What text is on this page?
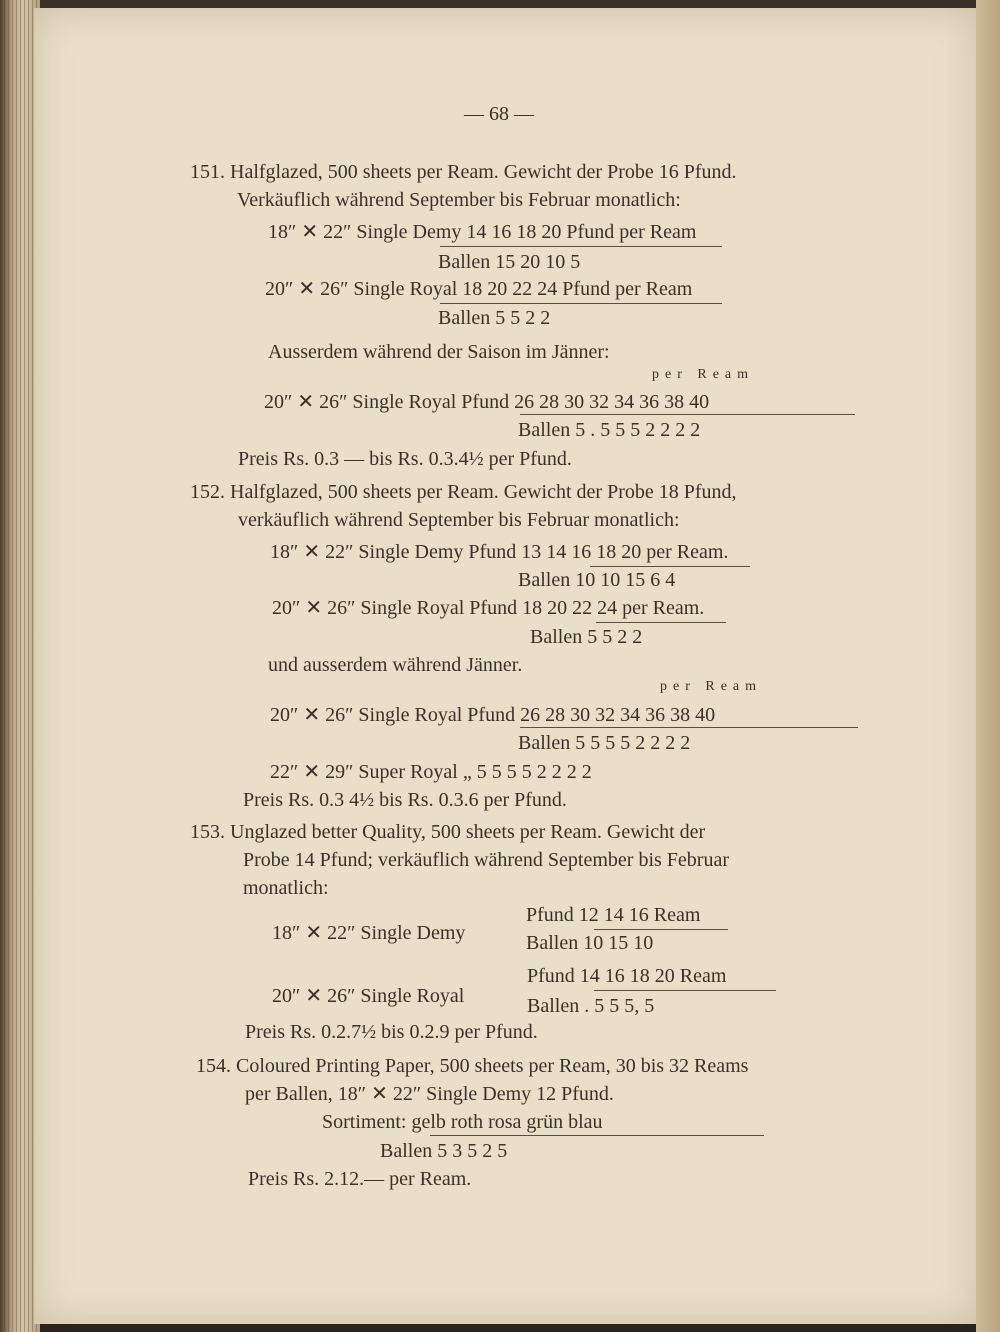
— 68 —
151. Halfglazed, 500 sheets per Ream. Gewicht der Probe 16 Pfund.
Verkäuflich während September bis Februar monatlich:
18″ ✕ 22″ Single Demy 14 16 18 20 Pfund per Ream
Ballen 15 20 10 5
20″ ✕ 26″ Single Royal 18 20 22 24 Pfund per Ream
Ballen 5 5 2 2
Ausserdem während der Saison im Jänner:
per Ream
20″ ✕ 26″ Single Royal Pfund 26 28 30 32 34 36 38 40
Ballen 5 . 5 5 5 2 2 2 2
Preis Rs. 0.3 — bis Rs. 0.3.4½ per Pfund.
152. Halfglazed, 500 sheets per Ream. Gewicht der Probe 18 Pfund,
verkäuflich während September bis Februar monatlich:
18″ ✕ 22″ Single Demy Pfund 13 14 16 18 20 per Ream.
Ballen 10 10 15 6 4
20″ ✕ 26″ Single Royal Pfund 18 20 22 24 per Ream.
Ballen 5 5 2 2
und ausserdem während Jänner.
per Ream
20″ ✕ 26″ Single Royal Pfund 26 28 30 32 34 36 38 40
Ballen 5 5 5 5 2 2 2 2
22″ ✕ 29″ Super Royal „ 5 5 5 5 2 2 2 2
Preis Rs. 0.3 4½ bis Rs. 0.3.6 per Pfund.
153. Unglazed better Quality, 500 sheets per Ream. Gewicht der
Probe 14 Pfund; verkäuflich während September bis Februar
monatlich:
Pfund 12 14 16 Ream
18″ ✕ 22″ Single Demy	Ballen 10 15 10
Pfund 14 16 18 20 Ream
20″ ✕ 26″ Single Royal	Ballen . 5 5 5, 5
Preis Rs. 0.2.7½ bis 0.2.9 per Pfund.
154. Coloured Printing Paper, 500 sheets per Ream, 30 bis 32 Reams
per Ballen, 18″ ✕ 22″ Single Demy 12 Pfund.
Sortiment: gelb roth rosa grün blau
Ballen 5 3 5 2 5
Preis Rs. 2.12.— per Ream.
